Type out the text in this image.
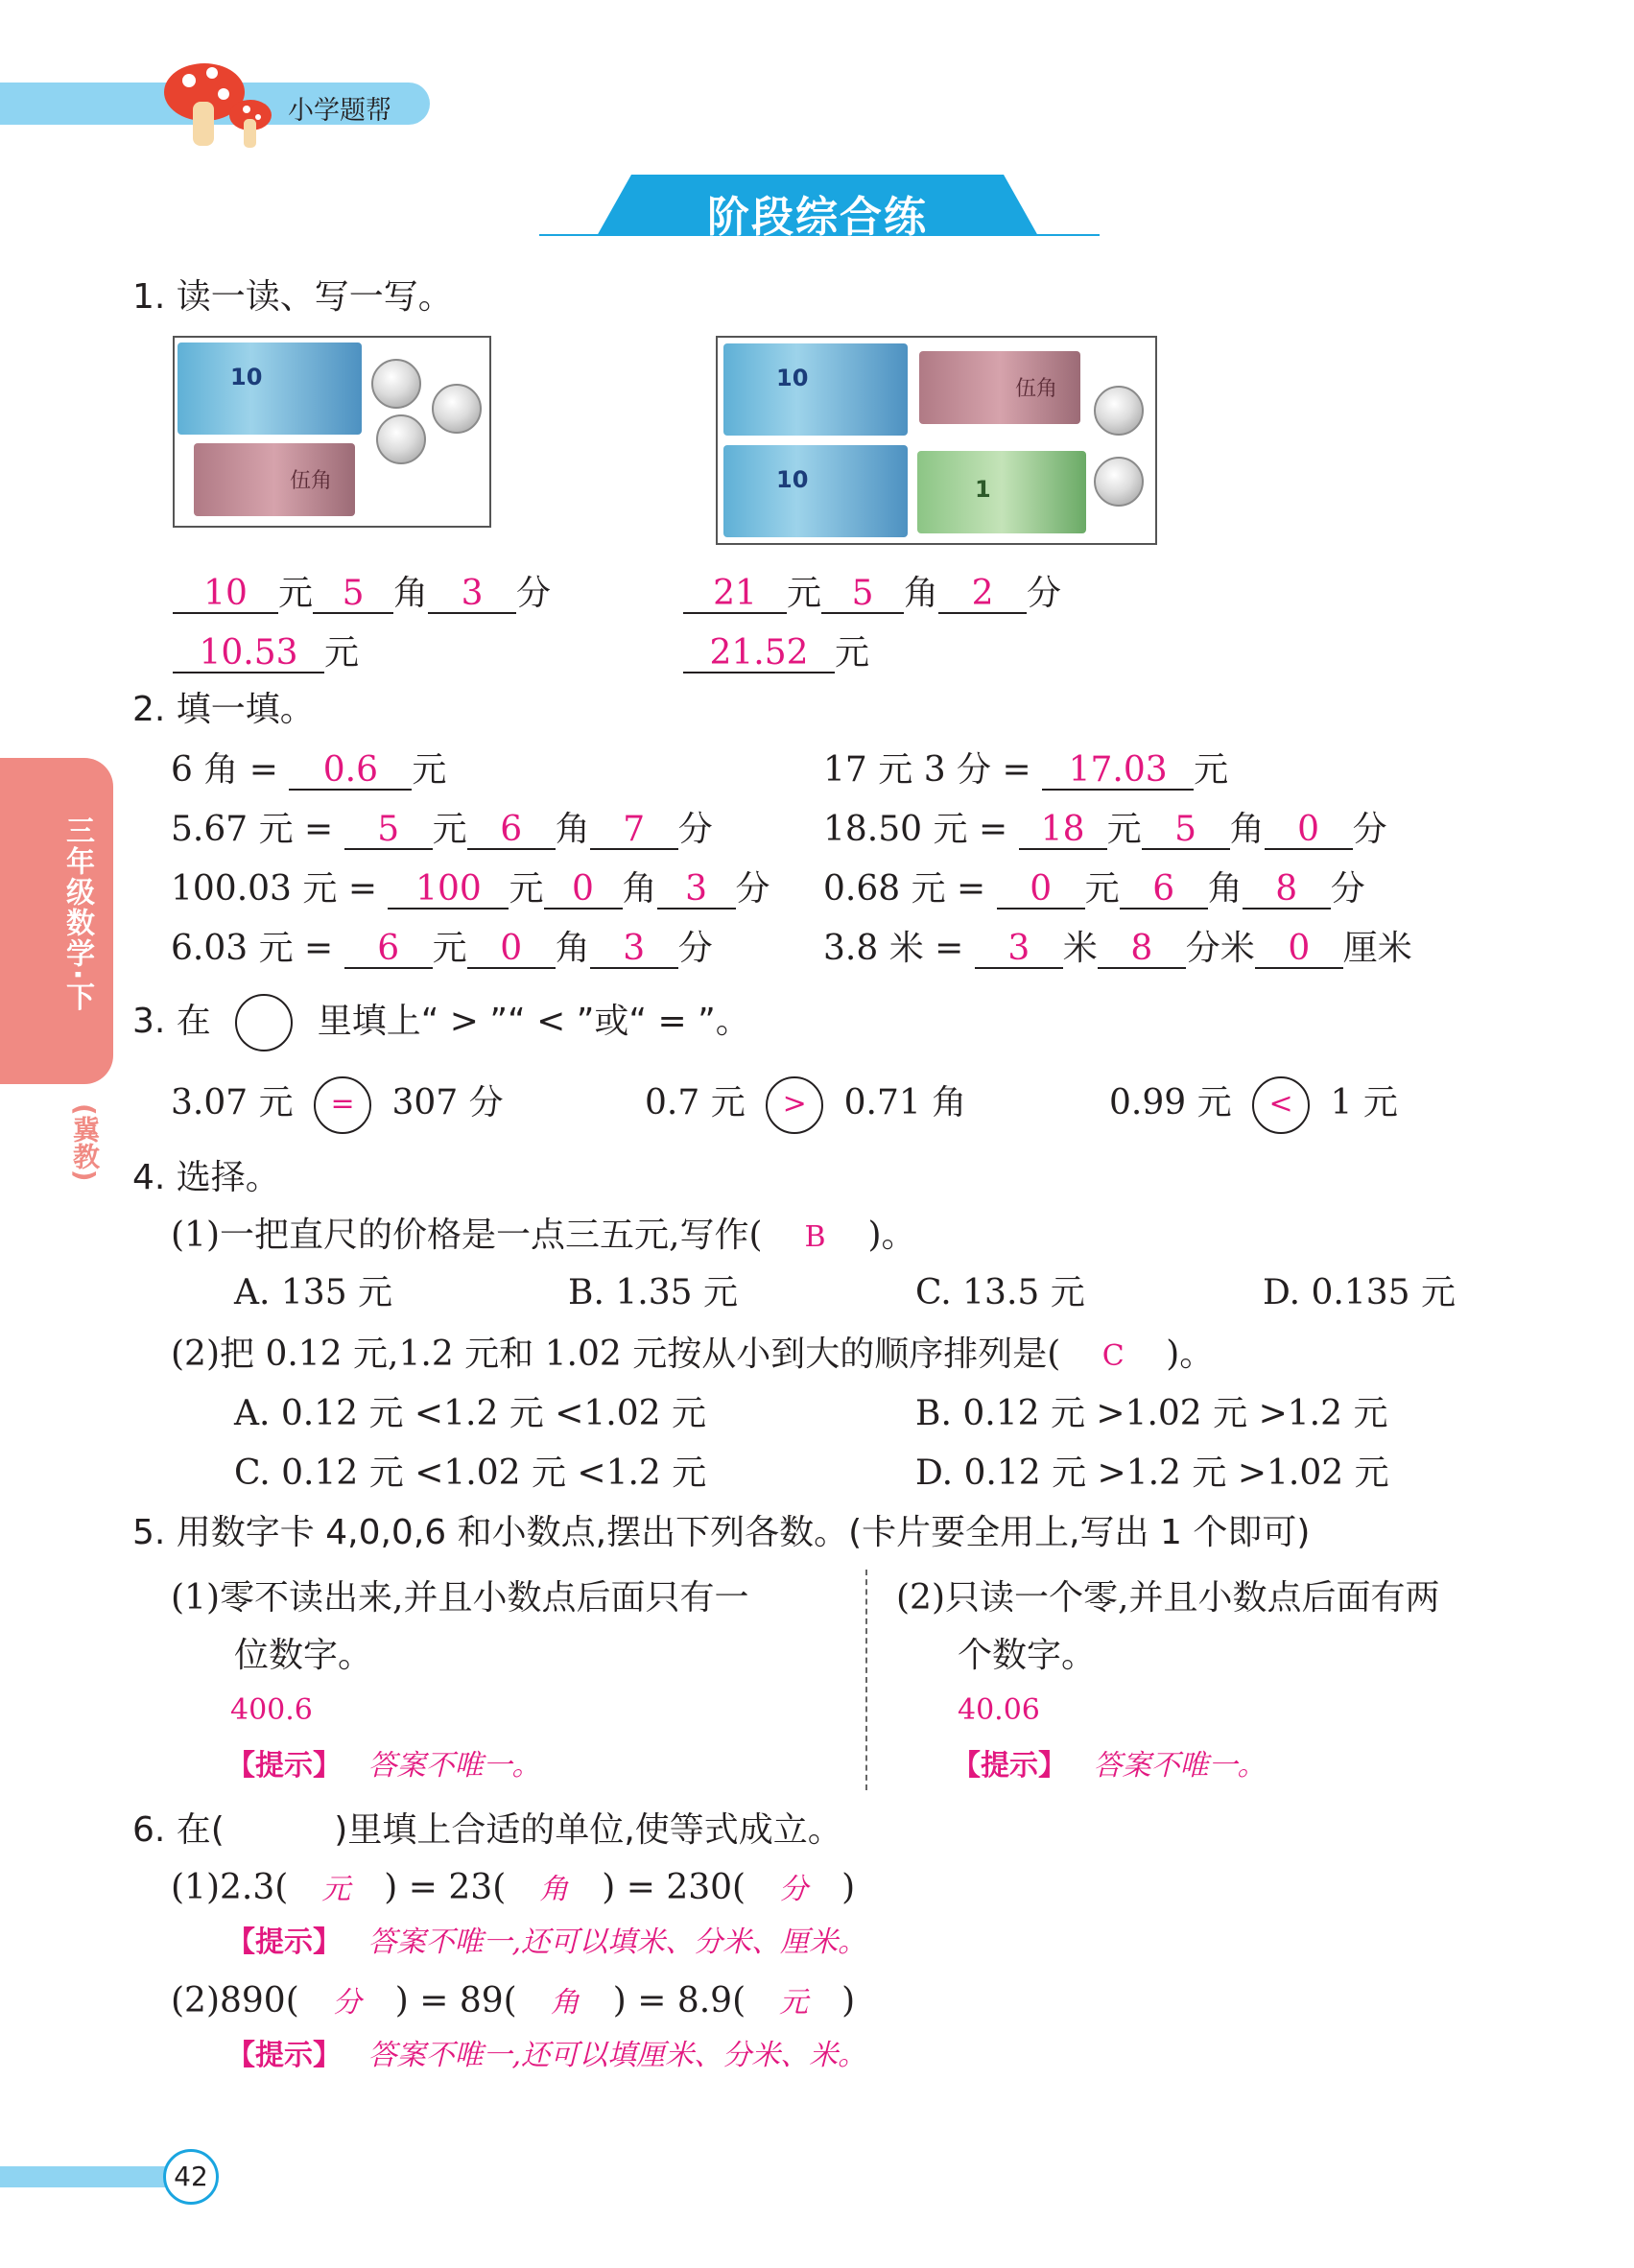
小学题帮
阶段综合练
三年级数学·下
(冀教)
1. 读一读、写一写。
10
伍角
10
10
伍角
1
10 元 5 角 3 分
10.53 元
21 元 5 角 2 分
21.52 元
2. 填一填。
6 角 = 0.6 元	17 元 3 分 = 17.03 元
5.67 元 = 5 元 6 角 7 分	18.50 元 = 18 元 5 角 0 分
100.03 元 = 100 元 0 角 3 分 0.68 元 = 0 元 6 角 8 分
6.03 元 = 6 元 0 角 3 分	3.8 米 = 3 米 8 分米 0 厘米
3. 在	里填上“ > ”“ < ”或“ = ”。
3.07 元 = 307 分	0.7 元 > 0.71 角	0.99 元 < 1 元
4. 选择。
(1)一把直尺的价格是一点三五元,写作( B )。
A. 135 元	B. 1.35 元	C. 13.5 元	D. 0.135 元
(2)把 0.12 元,1.2 元和 1.02 元按从小到大的顺序排列是( C )。
A. 0.12 元 <1.2 元 <1.02 元	B. 0.12 元 >1.02 元 >1.2 元
C. 0.12 元 <1.02 元 <1.2 元	D. 0.12 元 >1.2 元 >1.02 元
5. 用数字卡 4,0,0,6 和小数点,摆出下列各数。(卡片要全用上,写出 1 个即可)
(1)零不读出来,并且小数点后面只有一
位数字。
400.6
【提示】 答案不唯一。
(2)只读一个零,并且小数点后面有两
个数字。
40.06
【提示】 答案不唯一。
6. 在(          )里填上合适的单位,使等式成立。
(1)2.3( 元 ) = 23( 角 ) = 230( 分 )
【提示】 答案不唯一,还可以填米、分米、厘米。
(2)890( 分 ) = 89( 角 ) = 8.9( 元 )
【提示】 答案不唯一,还可以填厘米、分米、米。
42
